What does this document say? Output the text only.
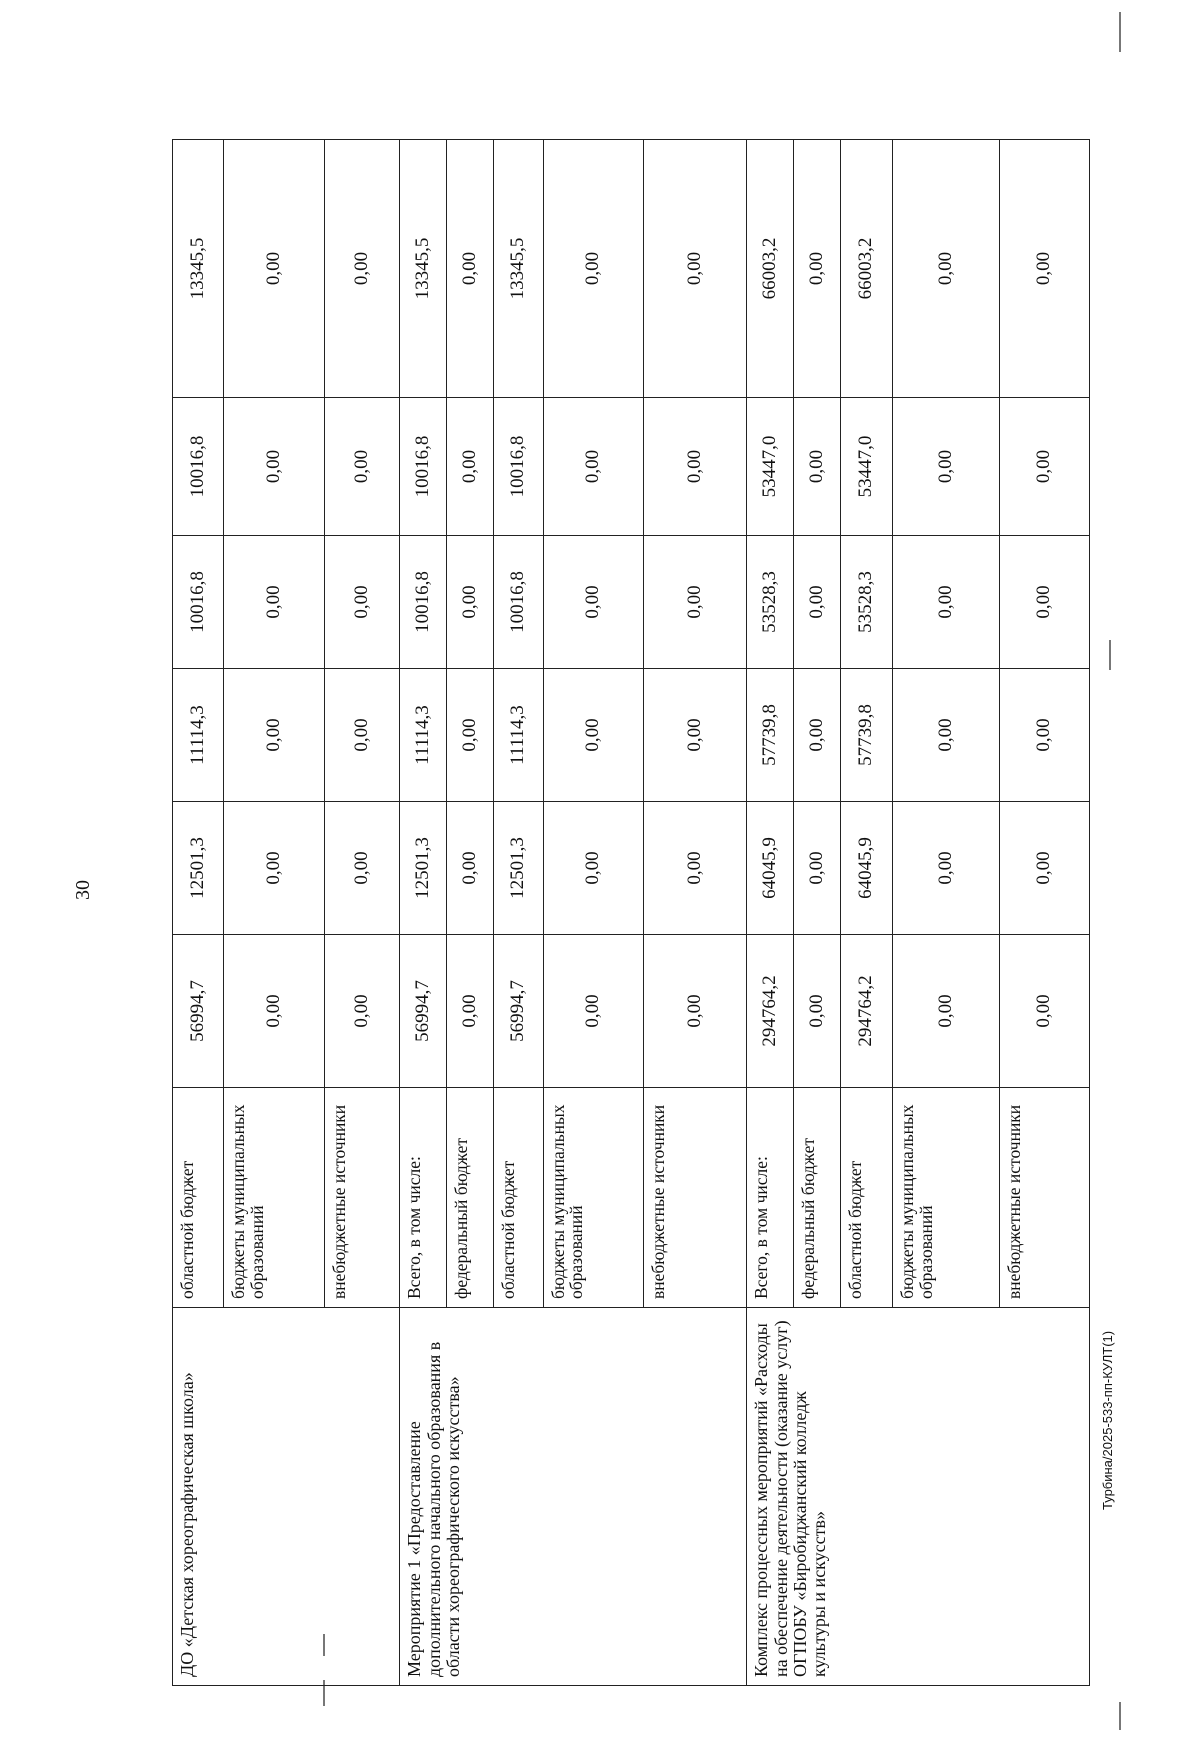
30
Турбина/2025-533-пп-КУЛТ(1)
ДО «Детская хореографическая школа»	областной бюджет	56994,7	12501,3	11114,3	10016,8	10016,8	13345,5
	бюджеты муниципальных образований	0,00	0,00	0,00	0,00	0,00	0,00
	внебюджетные источники	0,00	0,00	0,00	0,00	0,00	0,00
Мероприятие 1 «Предоставление дополнительного начального образования в области хореографического искусства»	Всего, в том числе:	56994,7	12501,3	11114,3	10016,8	10016,8	13345,5
	федеральный бюджет	0,00	0,00	0,00	0,00	0,00	0,00
	областной бюджет	56994,7	12501,3	11114,3	10016,8	10016,8	13345,5
	бюджеты муниципальных образований	0,00	0,00	0,00	0,00	0,00	0,00
	внебюджетные источники	0,00	0,00	0,00	0,00	0,00	0,00
Комплекс процессных мероприятий «Расходы на обеспечение деятельности (оказание услуг) ОГПОБУ «Биробиджанский колледж культуры и искусств»	Всего, в том числе:	294764,2	64045,9	57739,8	53528,3	53447,0	66003,2
	федеральный бюджет	0,00	0,00	0,00	0,00	0,00	0,00
	областной бюджет	294764,2	64045,9	57739,8	53528,3	53447,0	66003,2
	бюджеты муниципальных образований	0,00	0,00	0,00	0,00	0,00	0,00
	внебюджетные источники	0,00	0,00	0,00	0,00	0,00	0,00
